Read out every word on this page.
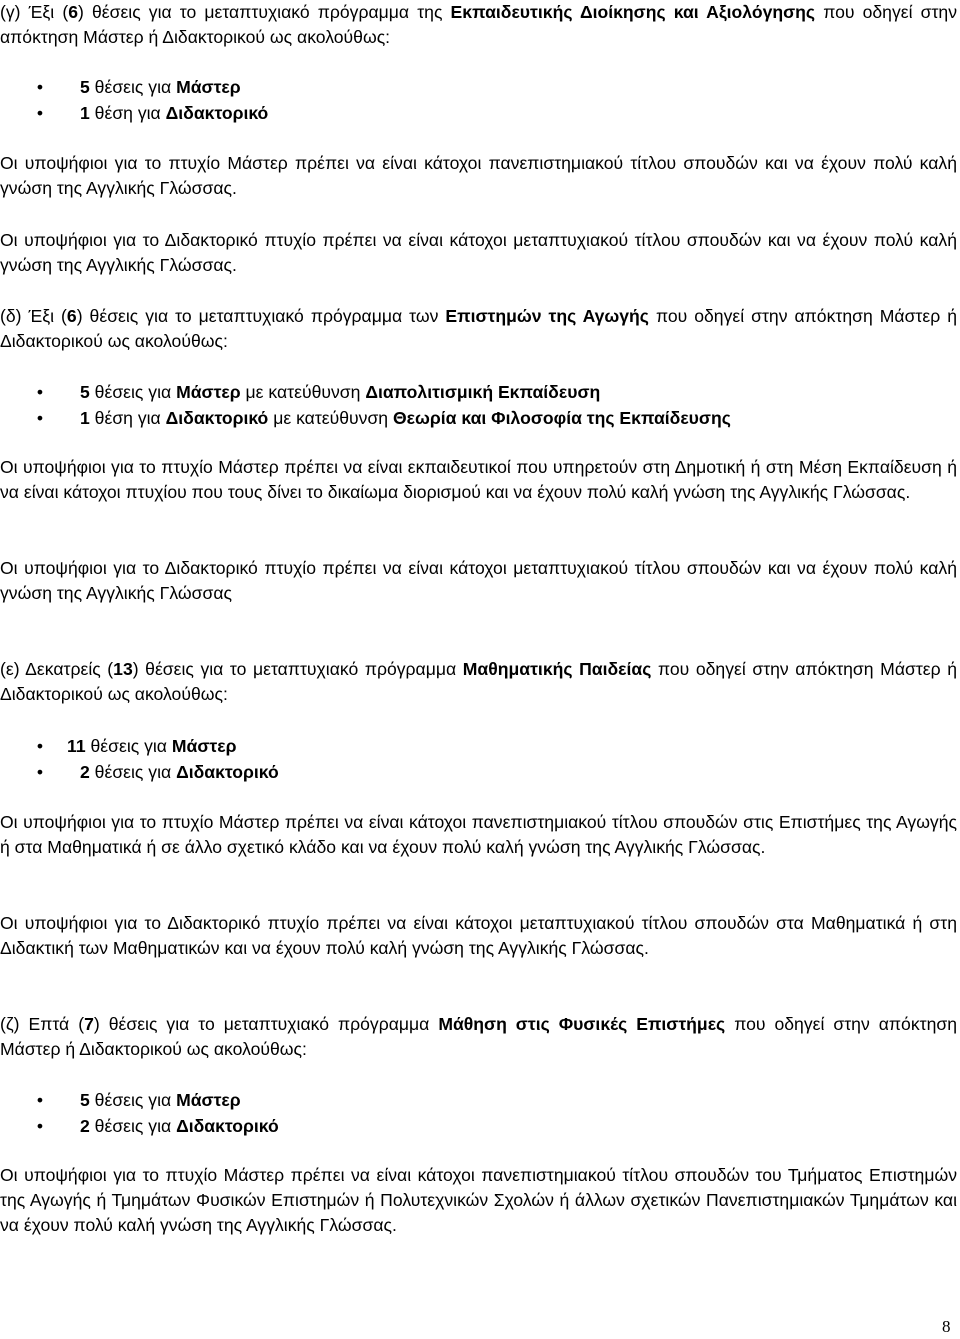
(γ) Έξι (6) θέσεις για το μεταπτυχιακό πρόγραμμα της Εκπαιδευτικής Διοίκησης και Αξιολόγησης που οδηγεί στην απόκτηση Μάστερ ή Διδακτορικού ως ακολούθως:

•
5 θέσεις για Μάστερ
•
1 θέση για Διδακτορικό

Οι υποψήφιοι για το πτυχίο Μάστερ πρέπει να είναι κάτοχοι πανεπιστημιακού τίτλου σπουδών και να έχουν πολύ καλή γνώση της Αγγλικής Γλώσσας.

Οι υποψήφιοι για το Διδακτορικό πτυχίο πρέπει να είναι κάτοχοι μεταπτυχιακού τίτλου σπουδών και να έχουν πολύ καλή γνώση της Αγγλικής Γλώσσας.

(δ) Έξι (6) θέσεις για το μεταπτυχιακό πρόγραμμα των Επιστημών της Αγωγής που οδηγεί στην απόκτηση Μάστερ ή Διδακτορικού ως ακολούθως:

•
5 θέσεις για Μάστερ με κατεύθυνση Διαπολιτισμική Εκπαίδευση
•
1 θέση για Διδακτορικό με κατεύθυνση Θεωρία και Φιλοσοφία της Εκπαίδευσης

Οι υποψήφιοι για το πτυχίο Μάστερ πρέπει να είναι εκπαιδευτικοί που υπηρετούν στη Δημοτική ή στη Μέση Εκπαίδευση ή να είναι κάτοχοι πτυχίου που τους δίνει το δικαίωμα διορισμού και να έχουν πολύ καλή γνώση της Αγγλικής Γλώσσας.

Οι υποψήφιοι για το Διδακτορικό πτυχίο πρέπει να είναι κάτοχοι μεταπτυχιακού τίτλου σπουδών και να έχουν πολύ καλή γνώση της Αγγλικής Γλώσσας

(ε) Δεκατρείς (13) θέσεις για το μεταπτυχιακό πρόγραμμα Μαθηματικής Παιδείας που οδηγεί στην απόκτηση Μάστερ ή Διδακτορικού ως ακολούθως:

•
11 θέσεις για Μάστερ
•
2 θέσεις για Διδακτορικό

Οι υποψήφιοι για το πτυχίο Μάστερ πρέπει να είναι κάτοχοι πανεπιστημιακού τίτλου σπουδών στις Επιστήμες της Αγωγής ή στα Μαθηματικά ή σε άλλο σχετικό κλάδο και να έχουν πολύ καλή γνώση της Αγγλικής Γλώσσας.

Οι υποψήφιοι για το Διδακτορικό πτυχίο πρέπει να είναι κάτοχοι μεταπτυχιακού τίτλου σπουδών στα Μαθηματικά ή στη Διδακτική των Μαθηματικών και να έχουν πολύ καλή γνώση της Αγγλικής Γλώσσας.

(ζ) Επτά (7) θέσεις για το μεταπτυχιακό πρόγραμμα Μάθηση στις Φυσικές Επιστήμες που οδηγεί στην απόκτηση Μάστερ ή Διδακτορικού ως ακολούθως:

•
5 θέσεις για Μάστερ
•
2 θέσεις για Διδακτορικό

Οι υποψήφιοι για το πτυχίο Μάστερ πρέπει να είναι κάτοχοι πανεπιστημιακού τίτλου σπουδών του Τμήματος Επιστημών της Αγωγής ή Τμημάτων Φυσικών Επιστημών ή Πολυτεχνικών Σχολών ή άλλων σχετικών Πανεπιστημιακών Τμημάτων και να έχουν πολύ καλή γνώση της Αγγλικής Γλώσσας.

8
